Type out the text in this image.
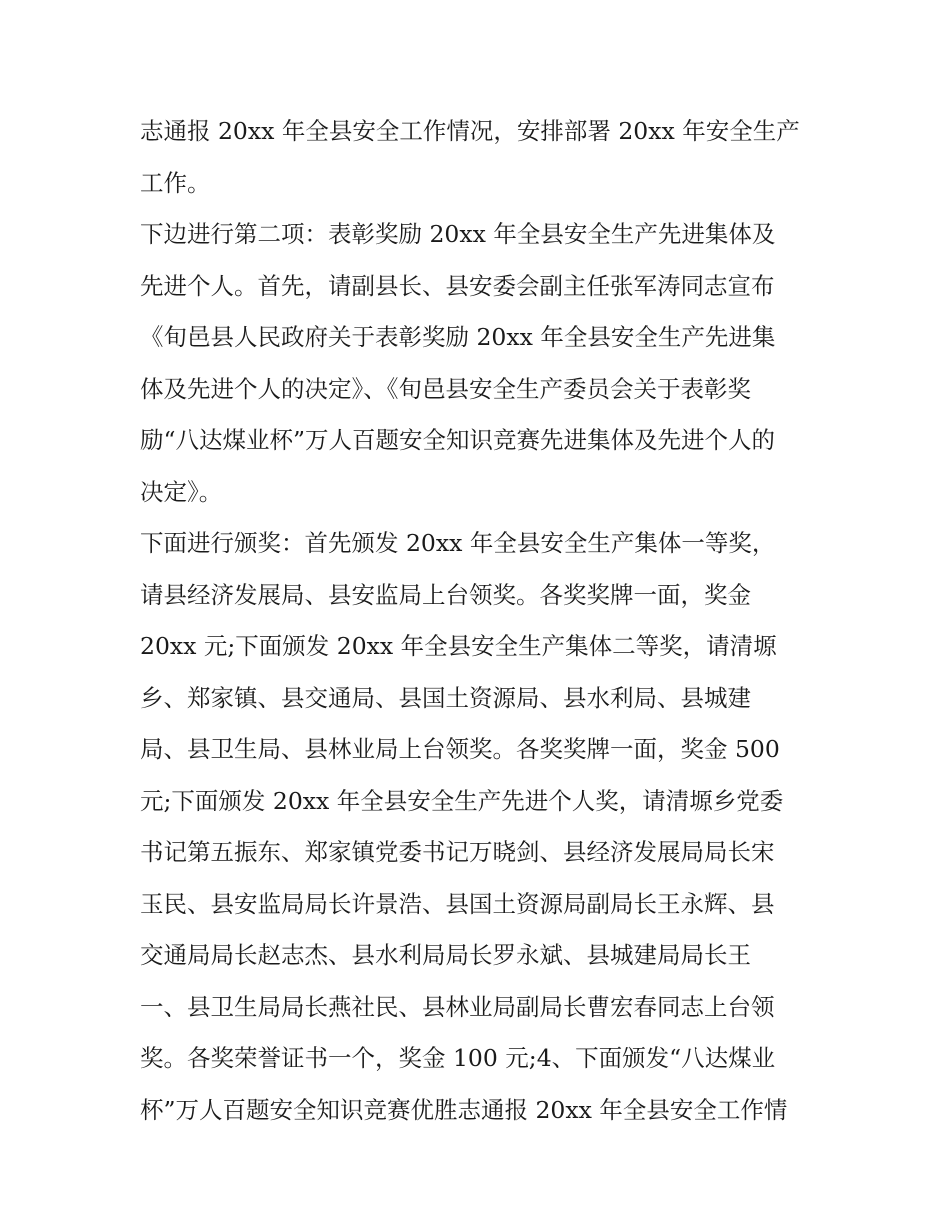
志通报 20xx 年全县安全工作情况，安排部署 20xx 年安全生产
工作。
下边进行第二项：表彰奖励 20xx 年全县安全生产先进集体及
先进个人。首先，请副县长、县安委会副主任张军涛同志宣布
《旬邑县人民政府关于表彰奖励 20xx 年全县安全生产先进集
体及先进个人的决定》、《旬邑县安全生产委员会关于表彰奖
励“八达煤业杯”万人百题安全知识竞赛先进集体及先进个人的
决定》。
下面进行颁奖：首先颁发 20xx 年全县安全生产集体一等奖，
请县经济发展局、县安监局上台领奖。各奖奖牌一面，奖金
20xx 元;下面颁发 20xx 年全县安全生产集体二等奖，请清塬
乡、郑家镇、县交通局、县国土资源局、县水利局、县城建
局、县卫生局、县林业局上台领奖。各奖奖牌一面，奖金 500
元;下面颁发 20xx 年全县安全生产先进个人奖，请清塬乡党委
书记第五振东、郑家镇党委书记万晓剑、县经济发展局局长宋
玉民、县安监局局长许景浩、县国土资源局副局长王永辉、县
交通局局长赵志杰、县水利局局长罗永斌、县城建局局长王
一、县卫生局局长燕社民、县林业局副局长曹宏春同志上台领
奖。各奖荣誉证书一个，奖金 100 元;4、下面颁发“八达煤业
杯”万人百题安全知识竞赛优胜志通报 20xx 年全县安全工作情
